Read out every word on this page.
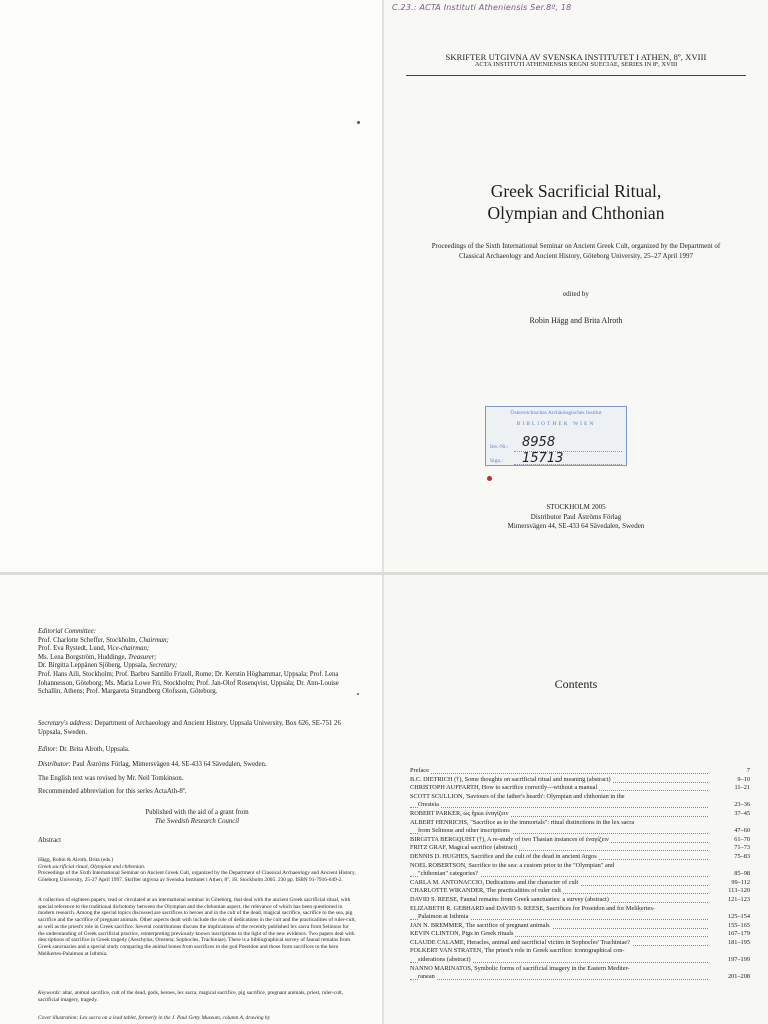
C.23.: ACTA Instituti Atheniensis Ser.8º, 18
SKRIFTER UTGIVNA AV SVENSKA INSTITUTET I ATHEN, 8º, XVIII
ACTA INSTITUTI ATHENIENSIS REGNI SUECIAE, SERIES IN 8º, XVIII
Greek Sacrificial Ritual,
Olympian and Chthonian
Proceedings of the Sixth International Seminar on Ancient Greek Cult, organized by the Department of Classical Archaeology and Ancient History, Göteborg University, 25–27 April 1997
edited by
Robin Hägg and Brita Alroth
Österreichisches Archäologisches Institut
BIBLIOTHEK WIEN
Inv.-Nr.: 8958
Sign.: 15713
STOCKHOLM 2005
Distributor Paul Åströms Förlag
Mimersvägen 44, SE-433 64 Sävedalen, Sweden
Editorial Committee:
Prof. Charlotte Scheffer, Stockholm, Chairman;
Prof. Eva Rystedt, Lund, Vice-chairman;
Ms. Lena Borgström, Huddinge, Treasurer;
Dr. Birgitta Leppänen Sjöberg, Uppsala, Secretary;
Prof. Hans Aili, Stockholm; Prof. Barbro Santillo Frizell, Rome; Dr. Kerstin Höghammar, Uppsala; Prof. Lena Johannesson, Göteborg; Ms. Maria Lowe Fri, Stockholm; Prof. Jan-Olof Rosenqvist, Uppsala; Dr. Ann-Louise Schallin, Athens; Prof. Margareta Strandberg Olofsson, Göteborg.
Secretary's address: Department of Archaeology and Ancient History, Uppsala University, Box 626, SE-751 26 Uppsala, Sweden.
Editor: Dr. Brita Alroth, Uppsala.
Distributor: Paul Åströms Förlag, Mimersvägen 44, SE-433 64 Sävedalen, Sweden.
The English text was revised by Mr. Neil Tomkinson.
Recommended abbreviation for this series ActaAth-8º.
Published with the aid of a grant from
The Swedish Research Council
Abstract
Hägg, Robin & Alroth, Brita (eds.)
Greek sacrificial ritual, Olympian and chthonian.
Proceedings of the Sixth International Seminar on Ancient Greek Cult, organized by the Department of Classical Archaeology and Ancient History, Göteborg University, 25-27 April 1997. Skrifter utgivna av Svenska Institutet i Athen, 8º, 18. Stockholm 2005. 230 pp. ISBN 91-7916-049-2.
A collection of eighteen papers, read or circulated at an international seminar in Göteborg, that deal with the ancient Greek sacrificial ritual, with special reference to the traditional dichotomy between the Olympian and the chthonian aspect, the relevance of which has been questioned in modern research. Among the special topics discussed are sacrifices to heroes and in the cult of the dead, magical sacrifice, sacrifice to the sea, pig sacrifice and the sacrifice of pregnant animals. Other aspects dealt with include the role of dedications in the cult and the practicalities of ruler-cult, as well as the priest's role in Greek sacrifice. Several contributions discuss the implications of the recently published lex sacra from Selinous for the understanding of Greek sacrificial practice, reinterpreting previously known inscriptions in the light of the new evidence. Two papers deal with descriptions of sacrifice in Greek tragedy (Aeschylus, Oresteia; Sophocles, Trachiniae). There is a bibliographical survey of faunal remains from Greek sanctuaries and a special study comparing the animal bones from sacrifices to the god Poseidon and those from sacrifices to the hero Melikertes-Palaimon at Isthmia.
Keywords: altar, animal sacrifice, cult of the dead, gods, heroes, lex sacra, magical sacrifice, pig sacrifice, pregnant animals, priest, ruler-cult, sacrificial imagery, tragedy.
Cover illustration: Lex sacra on a lead tablet, formerly in the J. Paul Getty Museum, column A, drawing by
Contents
Preface	7
B.C. DIETRICH (†), Some thoughts on sacrificial ritual and meaning (abstract)	9–10
CHRISTOPH AUFFARTH, How to sacrifice correctly—without a manual	11–21
SCOTT SCULLION, 'Saviours of the father's hearth': Olympian and chthonian in the
Oresteia	23–36
ROBERT PARKER, ὡς ἥρωι ἐναγίζειν	37–45
ALBERT HENRICHS, "Sacrifice as to the immortals": ritual distinctions in the lex sacra
from Selinous and other inscriptions	47–60
BIRGITTA BERGQUIST (†), A re-study of two Thasian instances of ἐναγίζειν	61–70
FRITZ GRAF, Magical sacrifice (abstract)	71–73
DENNIS D. HUGHES, Sacrifice and the cult of the dead in ancient Argos	75–83
NOEL ROBERTSON, Sacrifice to the sea: a custom prior to the "Olympian" and
"chthonian" categories?	85–98
CARLA M. ANTONACCIO, Dedications and the character of cult	99–112
CHARLOTTE WIKANDER, The practicalities of ruler cult	113–120
DAVID S. REESE, Faunal remains from Greek sanctuaries: a survey (abstract)	121–123
ELIZABETH R. GEBHARD and DAVID S. REESE, Sacrifices for Poseidon and for Melikertes-
Palaimon at Isthmia	125–154
JAN N. BREMMER, The sacrifice of pregnant animals	155–165
KEVIN CLINTON, Pigs in Greek rituals	167–179
CLAUDE CALAME, Heracles, animal and sacrificial victim in Sophocles' Trachiniae?	181–195
FOLKERT VAN STRATEN, The priest's role in Greek sacrifice: iconographical con-
siderations (abstract)	197–199
NANNO MARINATOS, Symbolic forms of sacrificial imagery in the Eastern Mediter-
ranean	201–208
